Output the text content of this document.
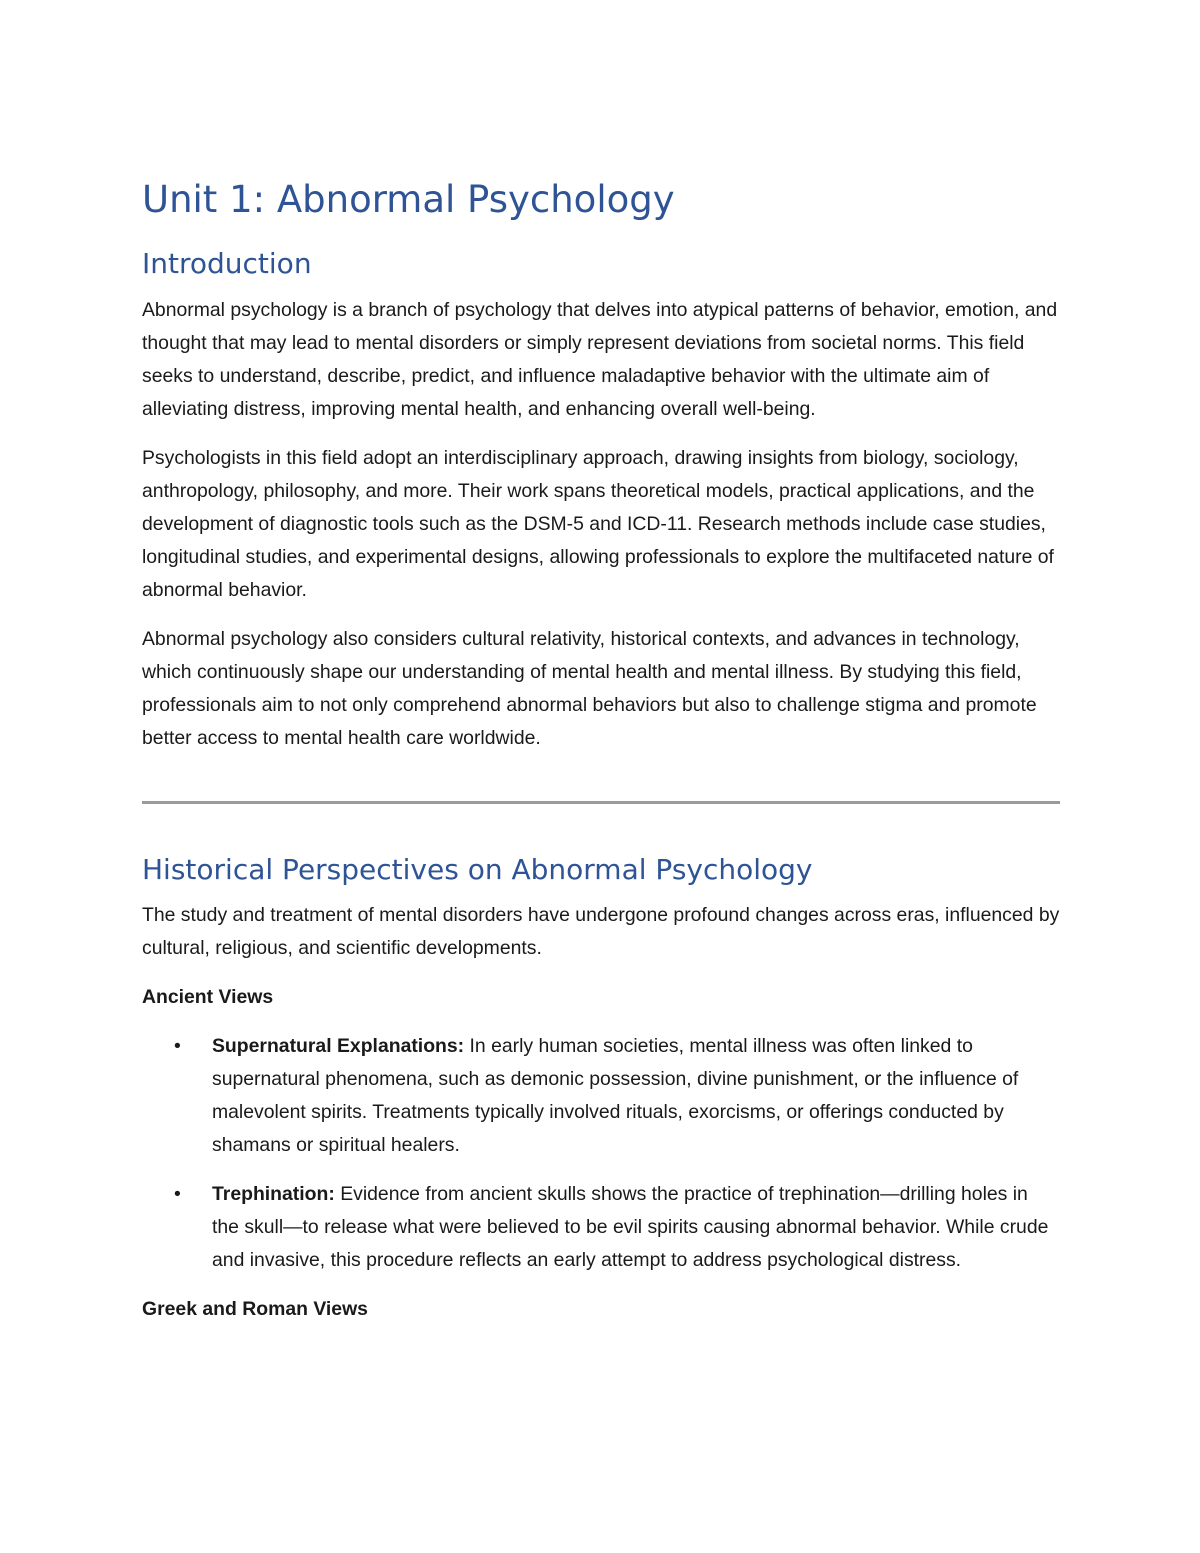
Unit 1: Abnormal Psychology
Introduction

Abnormal psychology is a branch of psychology that delves into atypical patterns of behavior, emotion, and thought that may lead to mental disorders or simply represent deviations from societal norms. This field seeks to understand, describe, predict, and influence maladaptive behavior with the ultimate aim of alleviating distress, improving mental health, and enhancing overall well-being.

Psychologists in this field adopt an interdisciplinary approach, drawing insights from biology, sociology, anthropology, philosophy, and more. Their work spans theoretical models, practical applications, and the development of diagnostic tools such as the DSM-5 and ICD-11. Research methods include case studies, longitudinal studies, and experimental designs, allowing professionals to explore the multifaceted nature of abnormal behavior.

Abnormal psychology also considers cultural relativity, historical contexts, and advances in technology, which continuously shape our understanding of mental health and mental illness. By studying this field, professionals aim to not only comprehend abnormal behaviors but also to challenge stigma and promote better access to mental health care worldwide.

Historical Perspectives on Abnormal Psychology

The study and treatment of mental disorders have undergone profound changes across eras, influenced by cultural, religious, and scientific developments.

Ancient Views
• Supernatural Explanations: In early human societies, mental illness was often linked to supernatural phenomena, such as demonic possession, divine punishment, or the influence of malevolent spirits. Treatments typically involved rituals, exorcisms, or offerings conducted by shamans or spiritual healers.
• Trephination: Evidence from ancient skulls shows the practice of trephination—drilling holes in the skull—to release what were believed to be evil spirits causing abnormal behavior. While crude and invasive, this procedure reflects an early attempt to address psychological distress.
Greek and Roman Views
